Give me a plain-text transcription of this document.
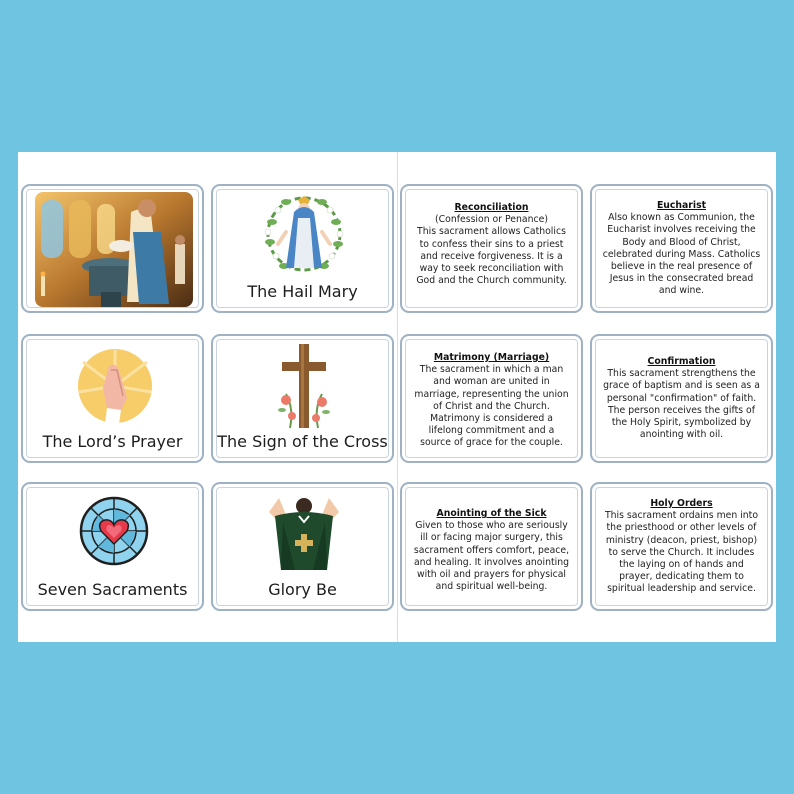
The Hail Mary
The Lord’s Prayer	The Sign of the Cross
Seven Sacraments	Glory Be
Reconciliation
(Confession or Penance)
This sacrament allows Catholics to confess their sins to a priest and receive forgiveness. It is a way to seek reconciliation with God and the Church community.
Eucharist
Also known as Communion, the Eucharist involves receiving the Body and Blood of Christ, celebrated during Mass. Catholics believe in the real presence of Jesus in the consecrated bread and wine.
Matrimony (Marriage)
The sacrament in which a man and woman are united in marriage, representing the union of Christ and the Church. Matrimony is considered a lifelong commitment and a source of grace for the couple.
Confirmation
This sacrament strengthens the grace of baptism and is seen as a personal "confirmation" of faith. The person receives the gifts of the Holy Spirit, symbolized by anointing with oil.
Anointing of the Sick
Given to those who are seriously ill or facing major surgery, this sacrament offers comfort, peace, and healing. It involves anointing with oil and prayers for physical and spiritual well-being.
Holy Orders
This sacrament ordains men into the priesthood or other levels of ministry (deacon, priest, bishop) to serve the Church. It includes the laying on of hands and prayer, dedicating them to spiritual leadership and service.
